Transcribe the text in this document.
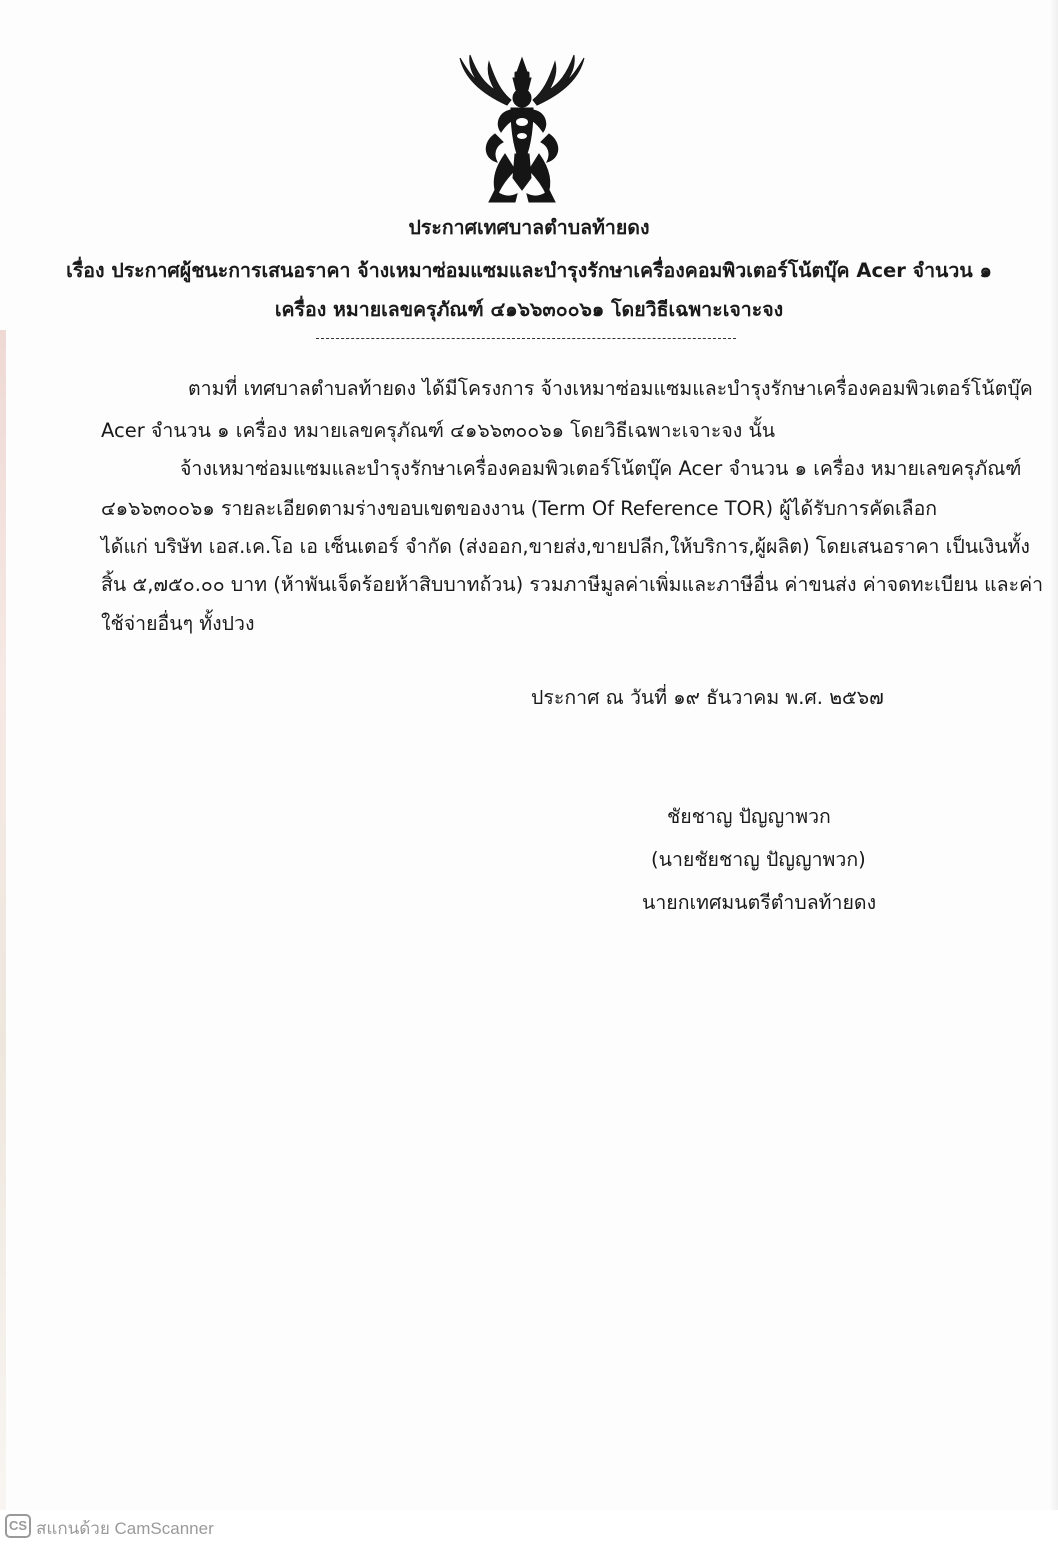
ประกาศเทศบาลตำบลท้ายดง
เรื่อง ประกาศผู้ชนะการเสนอราคา จ้างเหมาซ่อมแซมและบำรุงรักษาเครื่องคอมพิวเตอร์โน้ตบุ๊ค Acer จำนวน ๑
เครื่อง หมายเลขครุภัณฑ์ ๔๑๖๖๓๐๐๖๑ โดยวิธีเฉพาะเจาะจง
ตามที่ เทศบาลตำบลท้ายดง ได้มีโครงการ จ้างเหมาซ่อมแซมและบำรุงรักษาเครื่องคอมพิวเตอร์โน้ตบุ๊ค
Acer จำนวน ๑ เครื่อง หมายเลขครุภัณฑ์ ๔๑๖๖๓๐๐๖๑ โดยวิธีเฉพาะเจาะจง นั้น
จ้างเหมาซ่อมแซมและบำรุงรักษาเครื่องคอมพิวเตอร์โน้ตบุ๊ค Acer จำนวน ๑ เครื่อง หมายเลขครุภัณฑ์
๔๑๖๖๓๐๐๖๑ รายละเอียดตามร่างขอบเขตของงาน (Term Of Reference TOR) ผู้ได้รับการคัดเลือก
ได้แก่ บริษัท เอส.เค.โอ เอ เซ็นเตอร์ จำกัด (ส่งออก,ขายส่ง,ขายปลีก,ให้บริการ,ผู้ผลิต) โดยเสนอราคา เป็นเงินทั้ง
สิ้น ๕,๗๕๐.๐๐ บาท (ห้าพันเจ็ดร้อยห้าสิบบาทถ้วน) รวมภาษีมูลค่าเพิ่มและภาษีอื่น ค่าขนส่ง ค่าจดทะเบียน และค่า
ใช้จ่ายอื่นๆ ทั้งปวง
ประกาศ ณ วันที่ ๑๙ ธันวาคม พ.ศ. ๒๕๖๗
ชัยชาญ ปัญญาพวก
(นายชัยชาญ ปัญญาพวก)
นายกเทศมนตรีตำบลท้ายดง
CS สแกนด้วย CamScanner
